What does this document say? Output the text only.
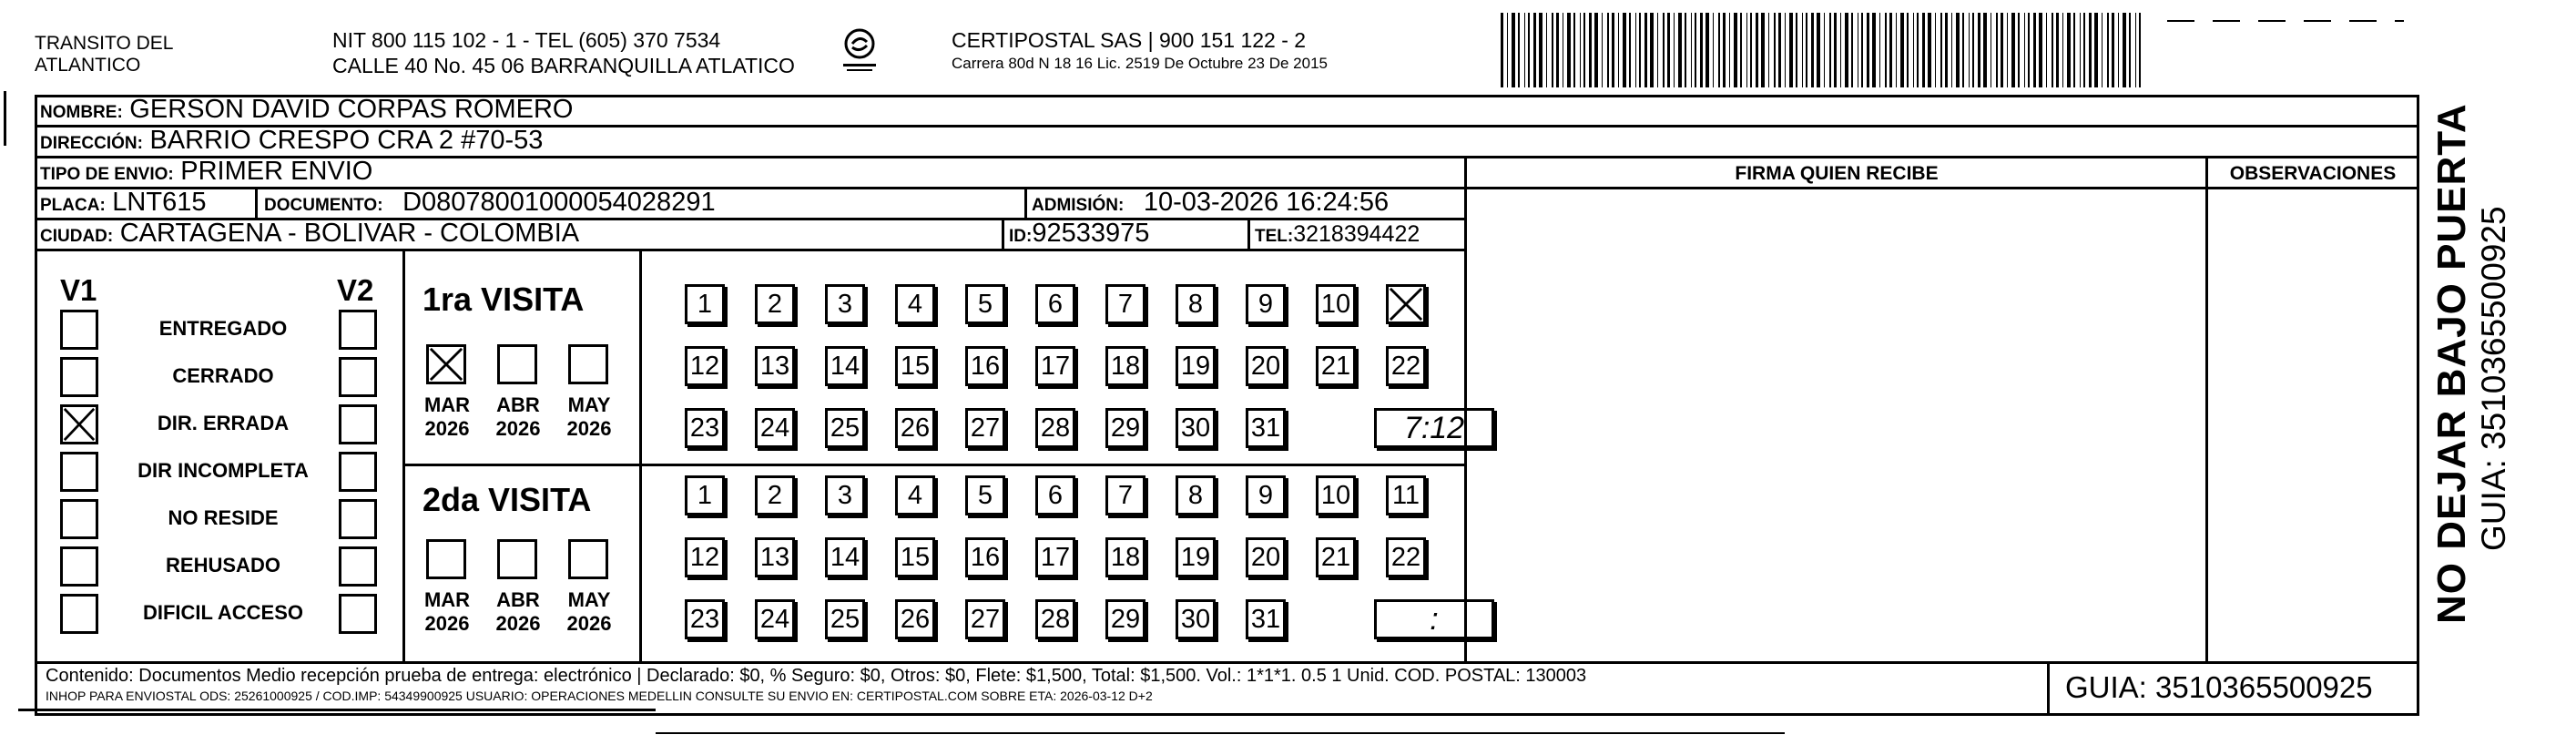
TRANSITO DEL
ATLANTICO
NIT 800 115 102 - 1 - TEL (605) 370 7534
CALLE 40 No. 45 06 BARRANQUILLA ATLATICO
CERTIPOSTAL SAS | 900 151 122 - 2
Carrera 80d N 18 16 Lic. 2519 De Octubre 23 De 2015
NOMBRE: GERSON DAVID CORPAS ROMERO
DIRECCIÓN: BARRIO CRESPO CRA 2 #70-53
TIPO DE ENVIO: PRIMER ENVIO
PLACA: LNT615	DOCUMENTO: D08078001000054028291	ADMISIÓN: 10-03-2026 16:24:56
CIUDAD: CARTAGENA - BOLIVAR - COLOMBIA	ID:92533975	TEL:3218394422
FIRMA QUIEN RECIBE	OBSERVACIONES
V1	V2
ENTREGADO
CERRADO
DIR. ERRADA
DIR INCOMPLETA
NO RESIDE
REHUSADO
DIFICIL ACCESO
1ra VISITA
2da VISITA
MAR
2026
ABR
2026
MAY
2026
MAR
2026
ABR
2026
MAY
2026
1	2	3	4	5	6	7	8	9	10
12 13 14 15 16 17 18 19 20 21 22
23 24 25 26 27 28 29 30 31	7:12
1	2	3	4	5	6	7	8	9	10 11
12 13 14 15 16 17 18 19 20 21 22
23 24 25 26 27 28 29 30 31	:
Contenido: Documentos Medio recepción prueba de entrega: electrónico | Declarado: $0, % Seguro: $0, Otros: $0, Flete: $1,500, Total: $1,500. Vol.: 1*1*1. 0.5 1 Unid. COD. POSTAL: 130003
INHOP PARA ENVIOSTAL ODS: 25261000925 / COD.IMP: 54349900925 USUARIO: OPERACIONES MEDELLIN CONSULTE SU ENVIO EN: CERTIPOSTAL.COM SOBRE ETA: 2026-03-12 D+2	GUIA: 3510365500925
NO DEJAR BAJO PUERTA GUIA: 3510365500925
